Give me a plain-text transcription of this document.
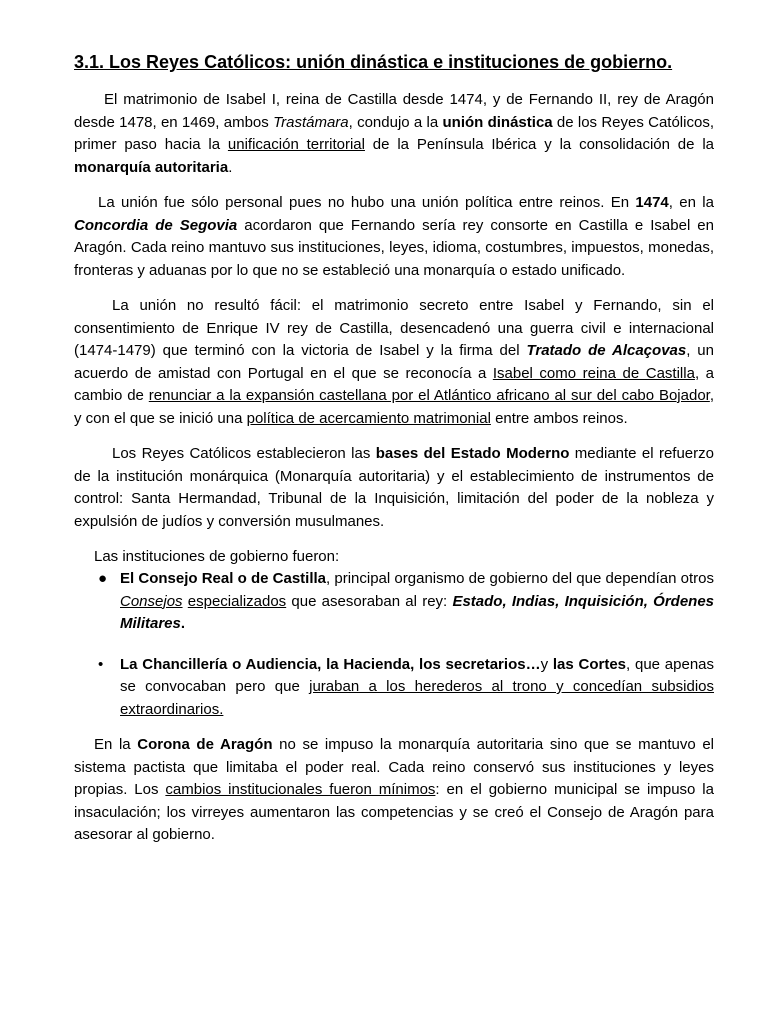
3.1. Los Reyes Católicos: unión dinástica e instituciones de gobierno.

El matrimonio de Isabel I, reina de Castilla desde 1474, y de Fernando II, rey de Aragón desde 1478, en 1469, ambos Trastámara, condujo a la unión dinástica de los Reyes Católicos, primer paso hacia la unificación territorial de la Península Ibérica y la consolidación de la monarquía autoritaria.

La unión fue sólo personal pues no hubo una unión política entre reinos. En 1474, en la Concordia de Segovia acordaron que Fernando sería rey consorte en Castilla e Isabel en Aragón. Cada reino mantuvo sus instituciones, leyes, idioma, costumbres, impuestos, monedas, fronteras y aduanas por lo que no se estableció una monarquía o estado unificado.

La unión no resultó fácil: el matrimonio secreto entre Isabel y Fernando, sin el consentimiento de Enrique IV rey de Castilla, desencadenó una guerra civil e internacional (1474-1479) que terminó con la victoria de Isabel y la firma del Tratado de Alcaçovas, un acuerdo de amistad con Portugal en el que se reconocía a Isabel como reina de Castilla, a cambio de renunciar a la expansión castellana por el Atlántico africano al sur del cabo Bojador, y con el que se inició una política de acercamiento matrimonial entre ambos reinos.

Los Reyes Católicos establecieron las bases del Estado Moderno mediante el refuerzo de la institución monárquica (Monarquía autoritaria) y el establecimiento de instrumentos de control: Santa Hermandad, Tribunal de la Inquisición, limitación del poder de la nobleza y expulsión de judíos y conversión musulmanes.

Las instituciones de gobierno fueron:
● El Consejo Real o de Castilla, principal organismo de gobierno del que dependían otros Consejos especializados que asesoraban al rey: Estado, Indias, Inquisición, Órdenes Militares.
• La Chancillería o Audiencia, la Hacienda, los secretarios…y las Cortes, que apenas se convocaban pero que juraban a los herederos al trono y concedían subsidios extraordinarios.

En la Corona de Aragón no se impuso la monarquía autoritaria sino que se mantuvo el sistema pactista que limitaba el poder real. Cada reino conservó sus instituciones y leyes propias. Los cambios institucionales fueron mínimos: en el gobierno municipal se impuso la insaculación; los virreyes aumentaron las competencias y se creó el Consejo de Aragón para asesorar al gobierno.
